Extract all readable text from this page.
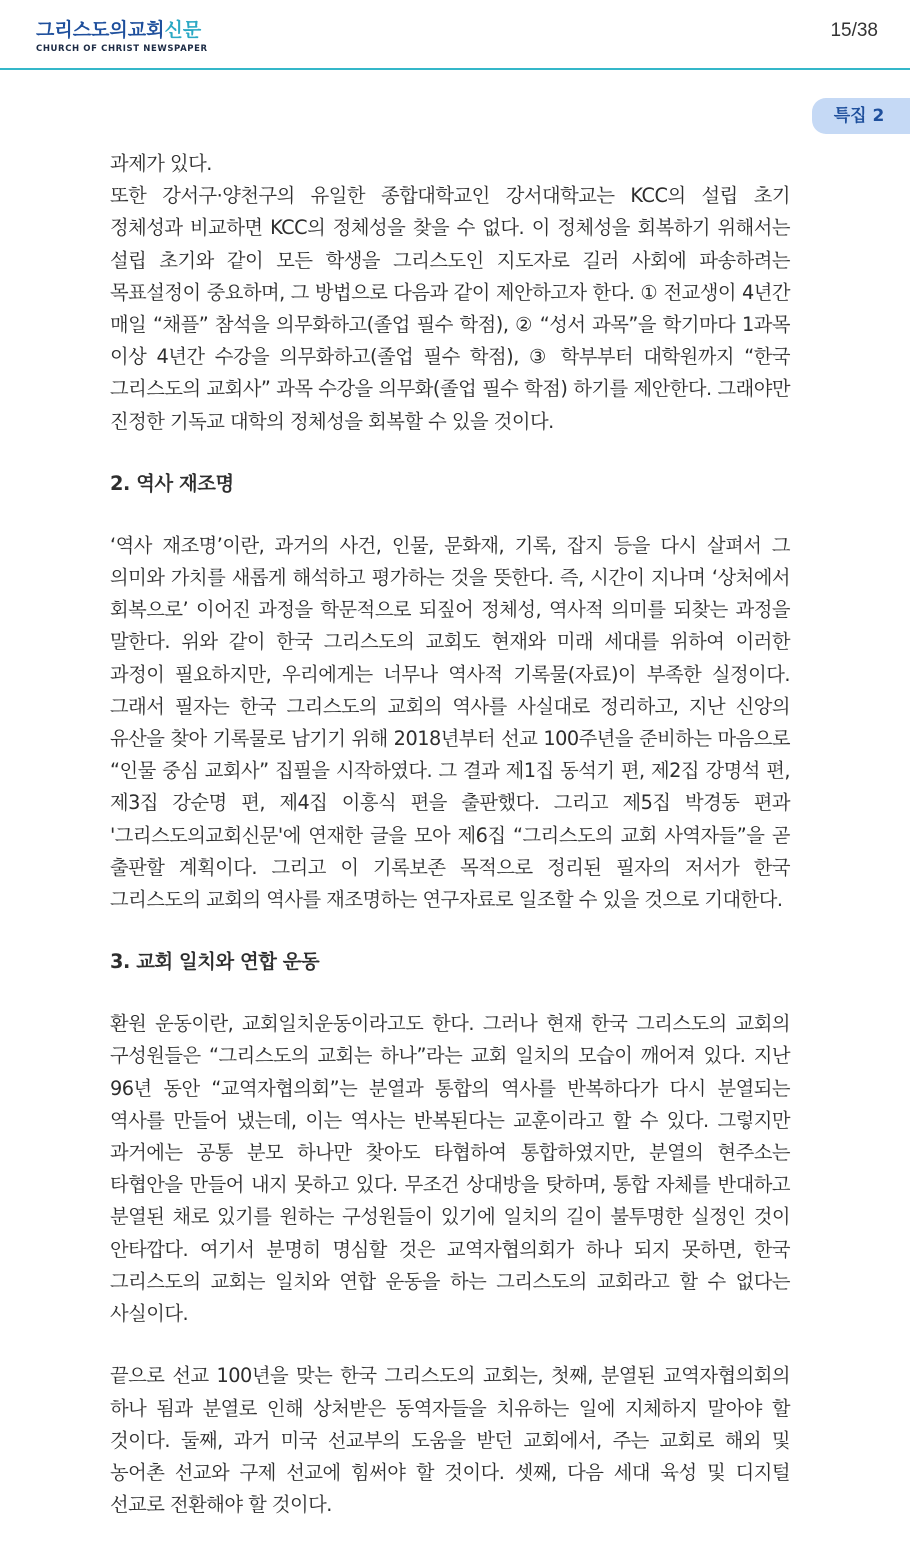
그리스도의교회신문
CHURCH OF CHRIST NEWSPAPER
15/38
특집 2

과제가 있다.
또한 강서구·양천구의 유일한 종합대학교인 강서대학교는 KCC의 설립 초기 정체성과 비교하면 KCC의 정체성을 찾을 수 없다. 이 정체성을 회복하기 위해서는 설립 초기와 같이 모든 학생을 그리스도인 지도자로 길러 사회에 파송하려는 목표설정이 중요하며, 그 방법으로 다음과 같이 제안하고자 한다. ① 전교생이 4년간 매일 “채플” 참석을 의무화하고(졸업 필수 학점), ② “성서 과목”을 학기마다 1과목 이상 4년간 수강을 의무화하고(졸업 필수 학점), ③ 학부부터 대학원까지 “한국 그리스도의 교회사” 과목 수강을 의무화(졸업 필수 학점) 하기를 제안한다. 그래야만 진정한 기독교 대학의 정체성을 회복할 수 있을 것이다.

2. 역사 재조명

‘역사 재조명’이란, 과거의 사건, 인물, 문화재, 기록, 잡지 등을 다시 살펴서 그 의미와 가치를 새롭게 해석하고 평가하는 것을 뜻한다. 즉, 시간이 지나며 ‘상처에서 회복으로’ 이어진 과정을 학문적으로 되짚어 정체성, 역사적 의미를 되찾는 과정을 말한다. 위와 같이 한국 그리스도의 교회도 현재와 미래 세대를 위하여 이러한 과정이 필요하지만, 우리에게는 너무나 역사적 기록물(자료)이 부족한 실정이다. 그래서 필자는 한국 그리스도의 교회의 역사를 사실대로 정리하고, 지난 신앙의 유산을 찾아 기록물로 남기기 위해 2018년부터 선교 100주년을 준비하는 마음으로 “인물 중심 교회사” 집필을 시작하였다. 그 결과 제1집 동석기 편, 제2집 강명석 편, 제3집 강순명 편, 제4집 이흥식 편을 출판했다. 그리고 제5집 박경동 편과 '그리스도의교회신문'에 연재한 글을 모아 제6집 “그리스도의 교회 사역자들”을 곧 출판할 계획이다. 그리고 이 기록보존 목적으로 정리된 필자의 저서가 한국 그리스도의 교회의 역사를 재조명하는 연구자료로 일조할 수 있을 것으로 기대한다.

3. 교회 일치와 연합 운동

환원 운동이란, 교회일치운동이라고도 한다. 그러나 현재 한국 그리스도의 교회의 구성원들은 “그리스도의 교회는 하나”라는 교회 일치의 모습이 깨어져 있다. 지난 96년 동안 “교역자협의회”는 분열과 통합의 역사를 반복하다가 다시 분열되는 역사를 만들어 냈는데, 이는 역사는 반복된다는 교훈이라고 할 수 있다. 그렇지만 과거에는 공통 분모 하나만 찾아도 타협하여 통합하였지만, 분열의 현주소는 타협안을 만들어 내지 못하고 있다. 무조건 상대방을 탓하며, 통합 자체를 반대하고 분열된 채로 있기를 원하는 구성원들이 있기에 일치의 길이 불투명한 실정인 것이 안타깝다. 여기서 분명히 명심할 것은 교역자협의회가 하나 되지 못하면, 한국 그리스도의 교회는 일치와 연합 운동을 하는 그리스도의 교회라고 할 수 없다는 사실이다.

끝으로 선교 100년을 맞는 한국 그리스도의 교회는, 첫째, 분열된 교역자협의회의 하나 됨과 분열로 인해 상처받은 동역자들을 치유하는 일에 지체하지 말아야 할 것이다. 둘째, 과거 미국 선교부의 도움을 받던 교회에서, 주는 교회로 해외 및 농어촌 선교와 구제 선교에 힘써야 할 것이다. 셋째, 다음 세대 육성 및 디지털 선교로 전환해야 할 것이다.
